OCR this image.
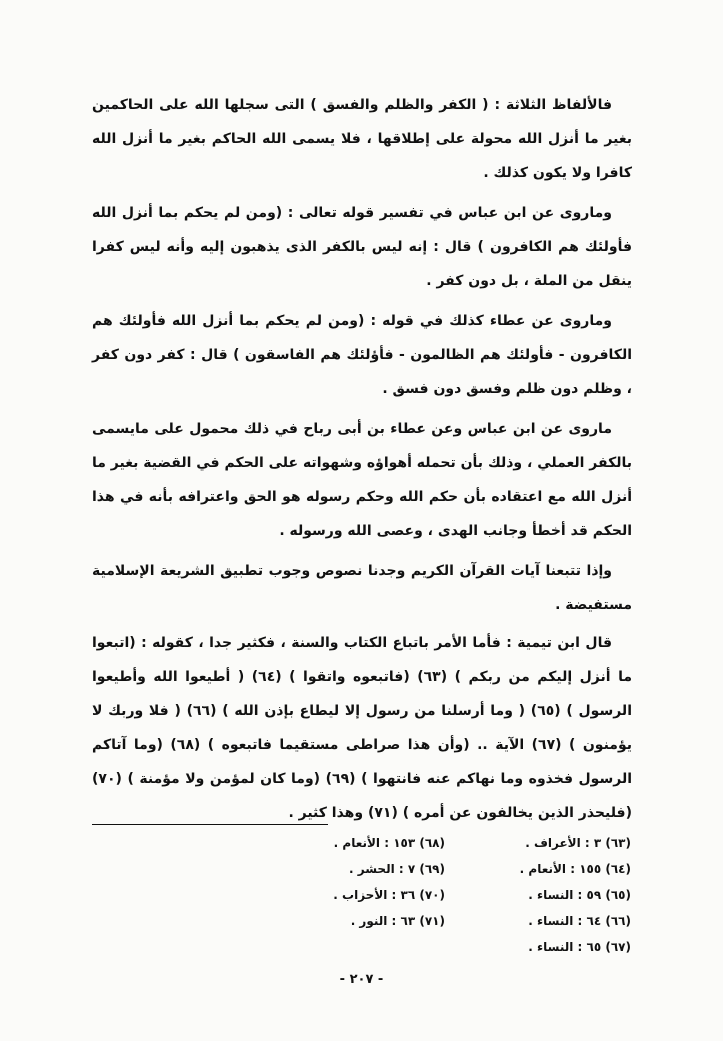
فالألفاظ الثلاثة : ( الكفر والظلم والفسق ) التى سجلها الله على الحاكمين بغير ما أنزل الله محولة على إطلاقها ، فلا يسمى الله الحاكم بغير ما أنزل الله كافرا ولا يكون كذلك .

وماروى عن ابن عباس في تفسير قوله تعالى : (ومن لم يحكم بما أنزل الله فأولئك هم الكافرون ) قال : إنه ليس بالكفر الذى يذهبون إليه وأنه ليس كفرا ينقل من الملة ، بل دون كفر .

وماروى عن عطاء كذلك في قوله : (ومن لم يحكم بما أنزل الله فأولئك هم الكافرون - فأولئك هم الظالمون - فأؤلئك هم الفاسقون ) قال : كفر دون كفر ، وظلم دون ظلم وفسق دون فسق .

ماروى عن ابن عباس وعن عطاء بن أبى رباح في ذلك محمول على مايسمى بالكفر العملي ، وذلك بأن تحمله أهواؤه وشهواته على الحكم في القضية بغير ما أنزل الله مع اعتقاده بأن حكم الله وحكم رسوله هو الحق واعترافه بأنه في هذا الحكم قد أخطأ وجانب الهدى ، وعصى الله ورسوله .

وإذا تتبعنا آيات القرآن الكريم وجدنا نصوص وجوب تطبيق الشريعة الإسلامية مستفيضة .

قال ابن تيمية : فأما الأمر باتباع الكتاب والسنة ، فكثير جدا ، كقوله : (اتبعوا ما أنزل إليكم من ربكم ) (٦٣) (فاتبعوه واتقوا ) (٦٤) ( أطيعوا الله وأطيعوا الرسول ) (٦٥) ( وما أرسلنا من رسول إلا ليطاع بإذن الله ) (٦٦) ( فلا وربك لا يؤمنون ) (٦٧) الآية .. (وأن هذا صراطى مستقيما فاتبعوه ) (٦٨) (وما آتاكم الرسول فخذوه وما نهاكم عنه فانتهوا ) (٦٩) (وما كان لمؤمن ولا مؤمنة ) (٧٠) (فليحذر الذين يخالفون عن أمره ) (٧١) وهذا كثير .

(٦٣) ٣ : الأعراف .
(٦٤) ١٥٥ : الأنعام .
(٦٥) ٥٩ : النساء .
(٦٦) ٦٤ : النساء .
(٦٧) ٦٥ : النساء .
(٦٨) ١٥٣ : الأنعام .
(٦٩) ٧ : الحشر .
(٧٠) ٣٦ : الأحزاب .
(٧١) ٦٣ : النور .
- ٢٠٧ -
